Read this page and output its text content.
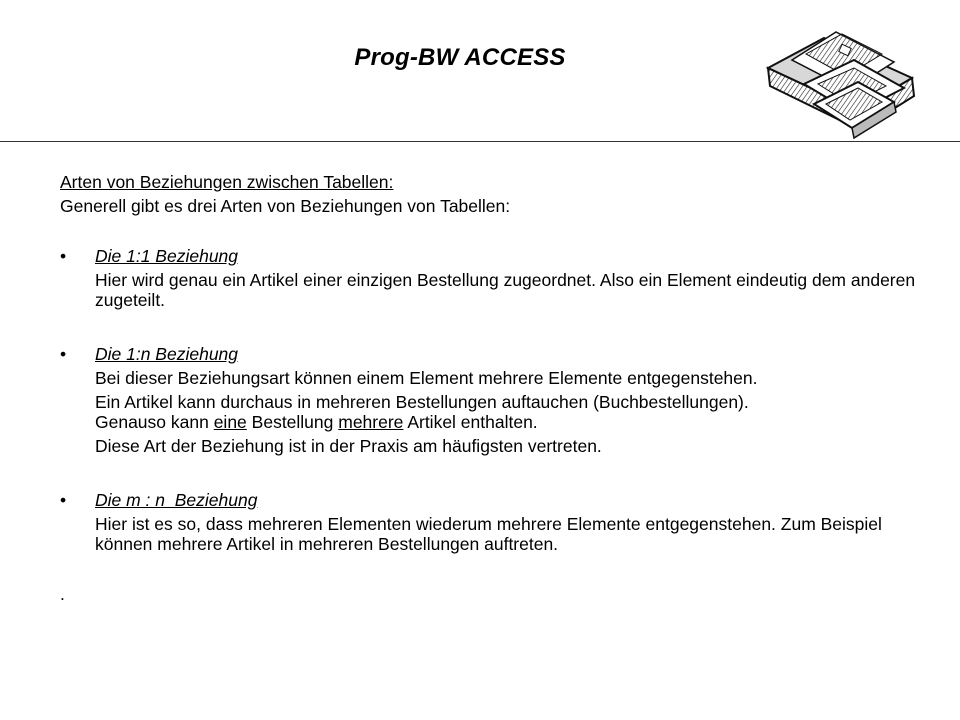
Prog-BW ACCESS

Arten von Beziehungen zwischen Tabellen:

Generell gibt es drei Arten von Beziehungen von Tabellen:

•	Die 1:1 Beziehung

Hier wird genau ein Artikel einer einzigen Bestellung zugeordnet. Also ein Element eindeutig dem anderen zugeteilt.

•	Die 1:n Beziehung

Bei dieser Beziehungsart können einem Element mehrere Elemente entgegenstehen.

Ein Artikel kann durchaus in mehreren Bestellungen auftauchen (Buchbestellungen).

Genauso kann eine Bestellung mehrere Artikel enthalten.

Diese Art der Beziehung ist in der Praxis am häufigsten vertreten.

•	Die m : n  Beziehung

Hier ist es so, dass mehreren Elementen wiederum mehrere Elemente entgegenstehen. Zum Beispiel können mehrere Artikel in mehreren Bestellungen auftreten.

.
